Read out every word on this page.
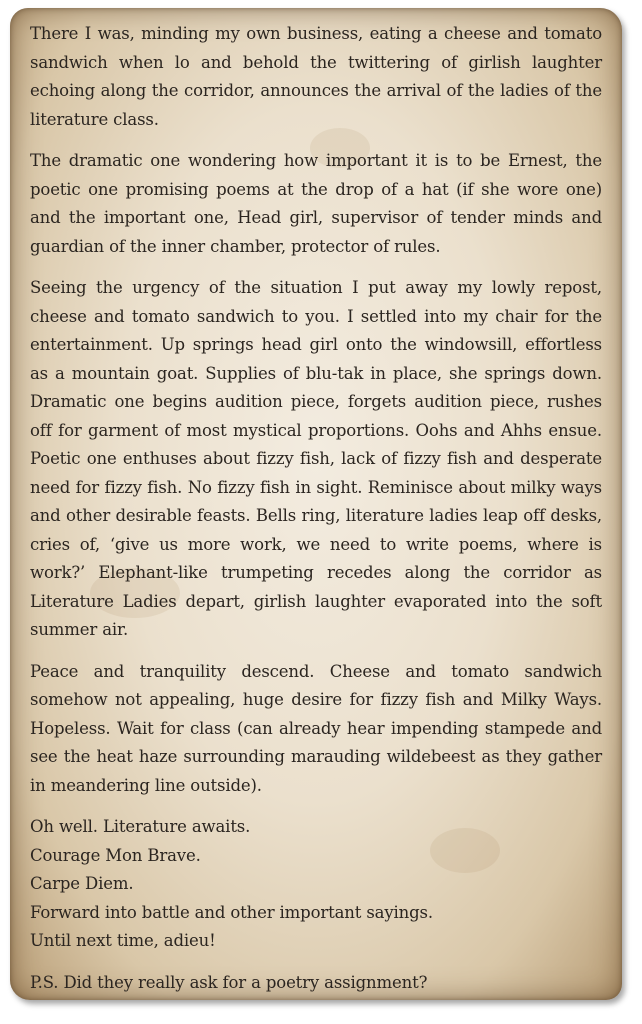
There I was, minding my own business, eating a cheese and tomato sandwich when lo and behold the twittering of girlish laughter echoing along the corridor, announces the arrival of the ladies of the literature class.

The dramatic one wondering how important it is to be Ernest, the poetic one promising poems at the drop of a hat (if she wore one) and the important one, Head girl, supervisor of tender minds and guardian of the inner chamber, protector of rules.

Seeing the urgency of the situation I put away my lowly repost, cheese and tomato sandwich to you. I settled into my chair for the entertainment. Up springs head girl onto the windowsill, effortless as a mountain goat. Supplies of blu-tak in place, she springs down. Dramatic one begins audition piece, forgets audition piece, rushes off for garment of most mystical proportions. Oohs and Ahhs ensue. Poetic one enthuses about fizzy fish, lack of fizzy fish and desperate need for fizzy fish. No fizzy fish in sight. Reminisce about milky ways and other desirable feasts. Bells ring, literature ladies leap off desks, cries of, ‘give us more work, we need to write poems, where is work?’ Elephant-like trumpeting recedes along the corridor as Literature Ladies depart, girlish laughter evaporated into the soft summer air.

Peace and tranquility descend. Cheese and tomato sandwich somehow not appealing, huge desire for fizzy fish and Milky Ways. Hopeless. Wait for class (can already hear impending stampede and see the heat haze surrounding marauding wildebeest as they gather in meandering line outside).

Oh well. Literature awaits.

Courage Mon Brave.

Carpe Diem.

Forward into battle and other important sayings.

Until next time, adieu!

P.S. Did they really ask for a poetry assignment?
